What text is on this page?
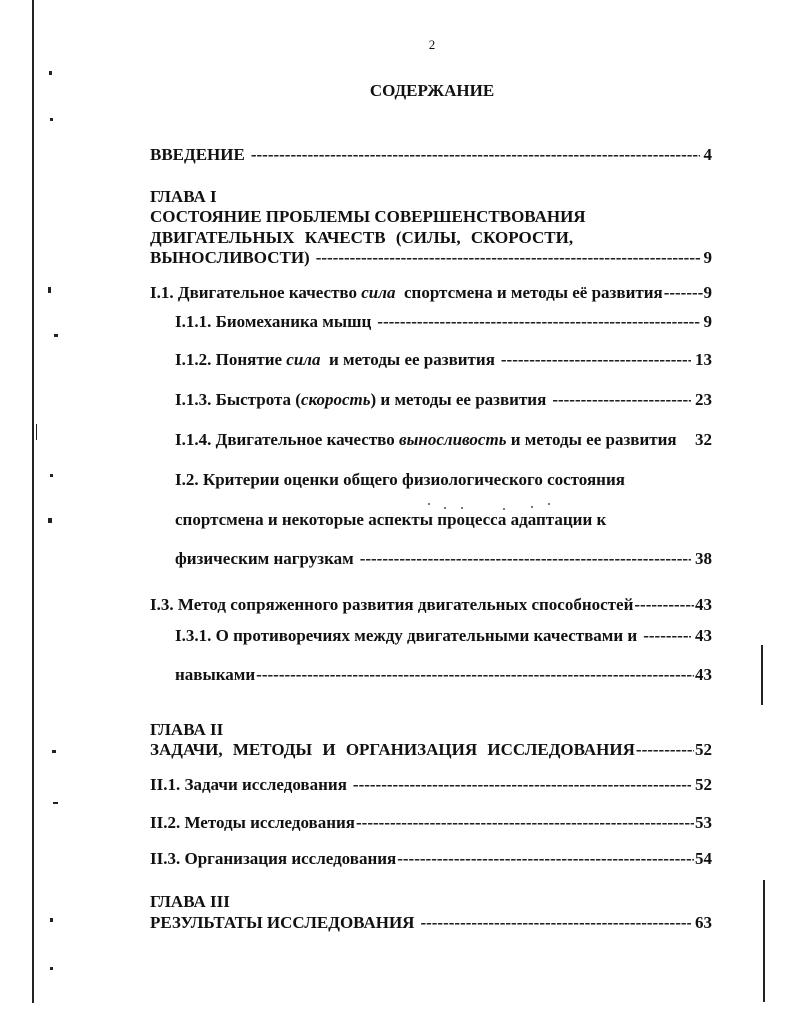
2
СОДЕРЖАНИЕ
ВВЕДЕНИЕ -----	4
ГЛАВА I
СОСТОЯНИЕ ПРОБЛЕМЫ СОВЕРШЕНСТВОВАНИЯ
ДВИГАТЕЛЬНЫХ КАЧЕСТВ (СИЛЫ, СКОРОСТИ,
ВЫНОСЛИВОСТИ) -----	9
I.1. Двигательное качество сила спортсмена и методы её развития ----- 9
I.1.1. Биомеханика мышц -----	9
I.1.2. Понятие сила и методы ее развития -----	13
I.1.3. Быстрота (скорость) и методы ее развития -----	23
I.1.4. Двигательное качество выносливость и методы ее развития 32
I.2. Критерии оценки общего физиологического состояния
спортсмена и некоторые аспекты процесса адаптации к
физическим нагрузкам -----	38
I.3. Метод сопряженного развития двигательных способностей -----	43
I.3.1. О противоречиях между двигательными качествами и -----	43
навыками -----	43
ГЛАВА II
ЗАДАЧИ, МЕТОДЫ И ОРГАНИЗАЦИЯ ИССЛЕДОВАНИЯ -----	52
II.1. Задачи исследования -----	52
II.2. Методы исследования -----	53
II.3. Организация исследования -----	54
ГЛАВА III
РЕЗУЛЬТАТЫ ИССЛЕДОВАНИЯ -----	63
